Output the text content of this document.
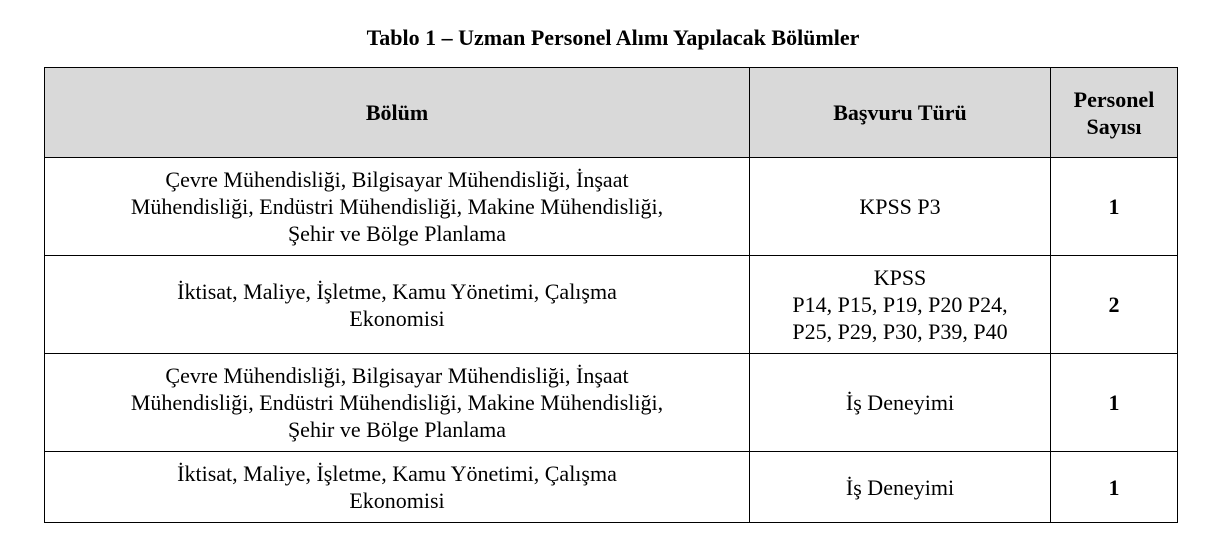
Tablo 1 – Uzman Personel Alımı Yapılacak Bölümler
Bölüm	Başvuru Türü	Personel
Sayısı

Çevre Mühendisliği, Bilgisayar Mühendisliği, İnşaat
Mühendisliği, Endüstri Mühendisliği, Makine Mühendisliği,
Şehir ve Bölge Planlama	KPSS P3	1

İktisat, Maliye, İşletme, Kamu Yönetimi, Çalışma
Ekonomisi	KPSS
P14, P15, P19, P20 P24,
P25, P29, P30, P39, P40	2

Çevre Mühendisliği, Bilgisayar Mühendisliği, İnşaat
Mühendisliği, Endüstri Mühendisliği, Makine Mühendisliği,
Şehir ve Bölge Planlama	İş Deneyimi	1

İktisat, Maliye, İşletme, Kamu Yönetimi, Çalışma
Ekonomisi	İş Deneyimi	1
